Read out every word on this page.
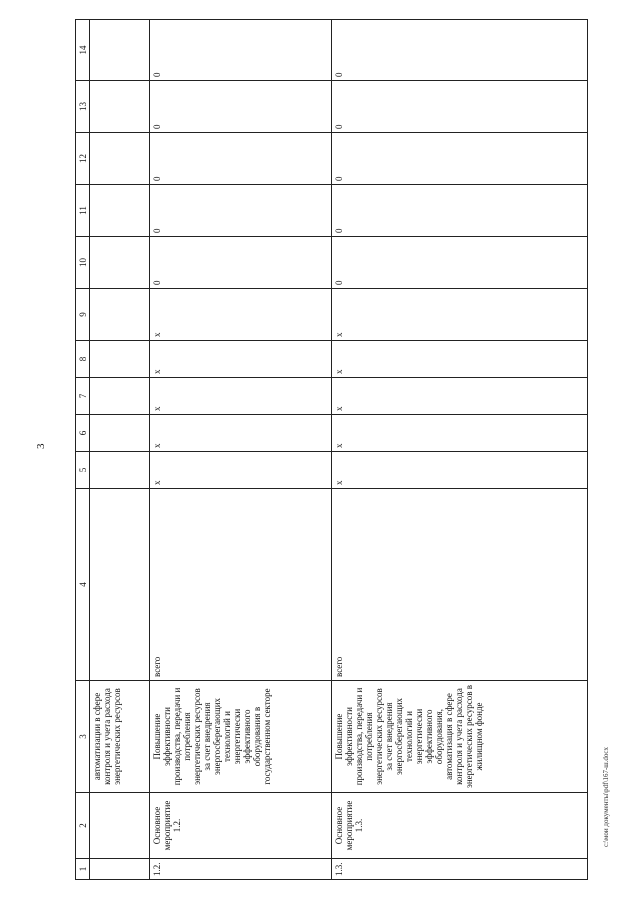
3
1	2	3	4	5	6	7	8	9	10	11	12	13	14
		автоматизации в сфере контроля и учета расхода энергетических ресурсов											
1.2.	Основное мероприятие 1.2.	Повышение эффективности производства, передачи и потребления энергетических ресурсов за счет внедрения энергосберегающих технологий и энергетически эффективного оборудования в государственном секторе	всего	x	x	x	x	x	0	0	0	0	0
1.3.	Основное мероприятие 1.3.	Повышение эффективности производства, передачи и потребления энергетических ресурсов за счет внедрения энергосберегающих технологий и энергетически эффективного оборудования, автоматизация в сфере контроля и учета расхода энергетических ресурсов в жилищном фонде	всего	x	x	x	x	x	0	0	0	0	0
c:\мои документы\pdf\167-ш.docx
